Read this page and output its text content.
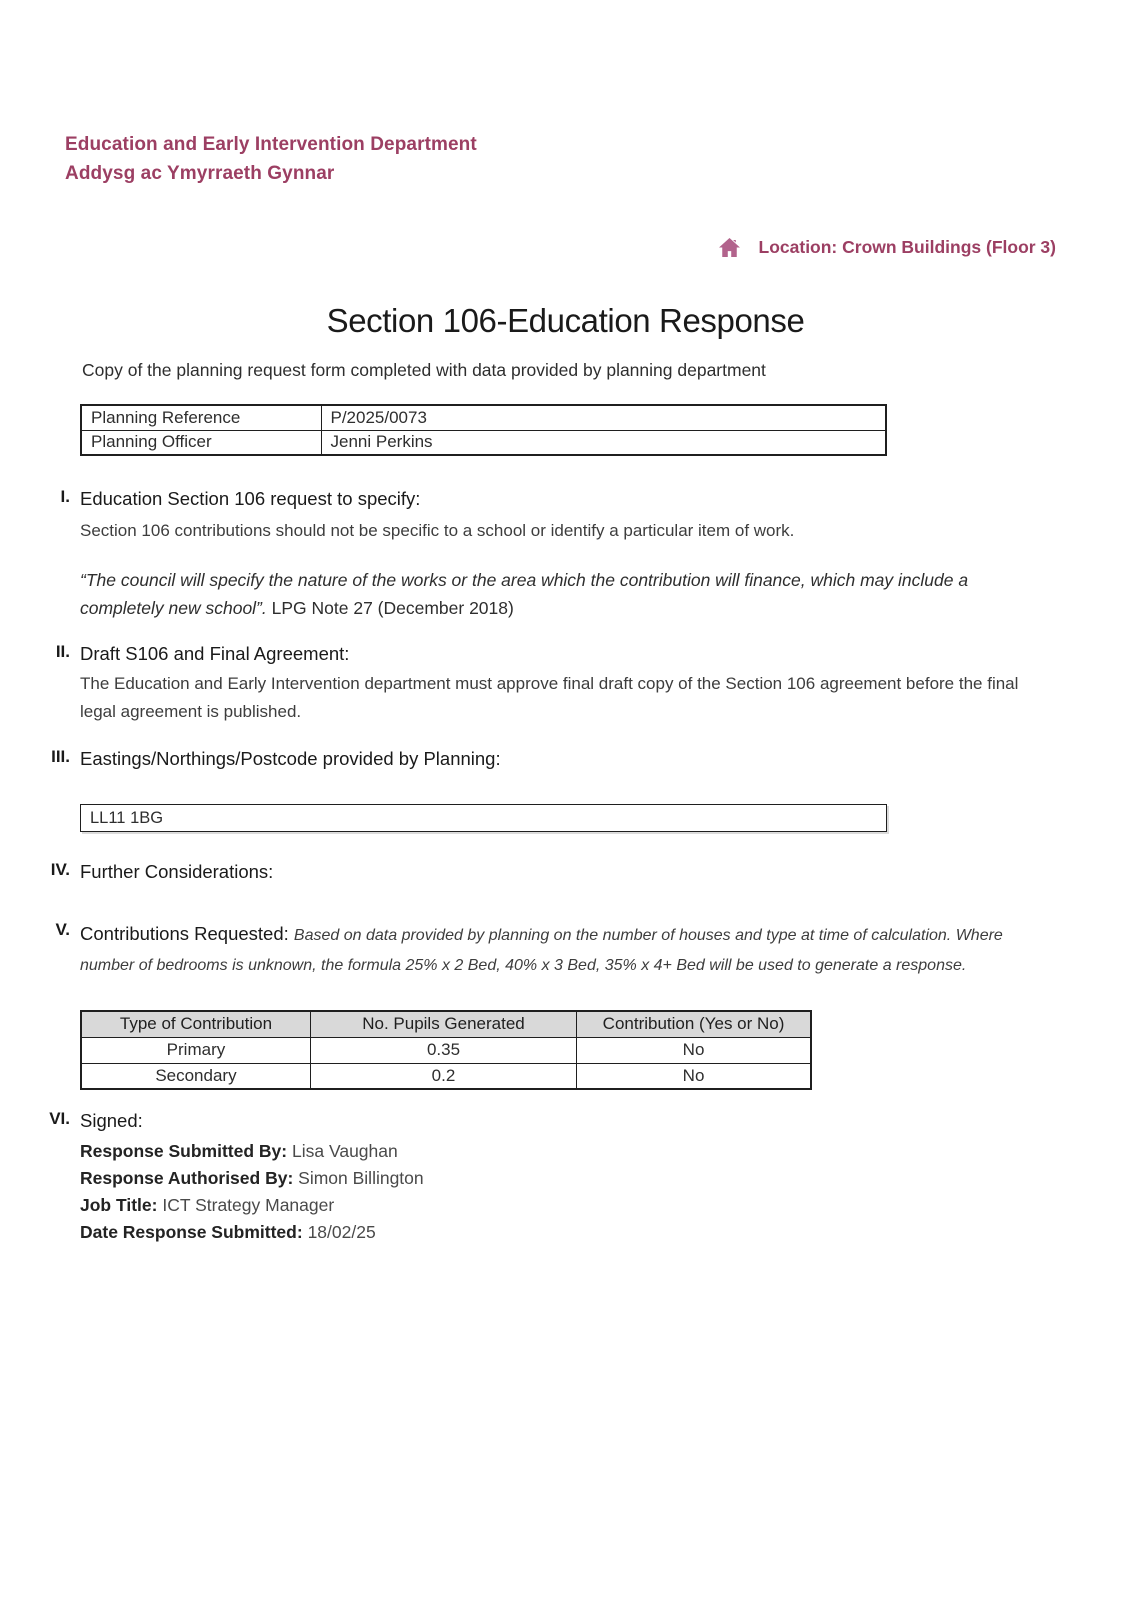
Education and Early Intervention Department
Addysg ac Ymyrraeth Gynnar
Location: Crown Buildings (Floor 3)
Section 106-Education Response
Copy of the planning request form completed with data provided by planning department
Planning Reference	P/2025/0073
Planning Officer	Jenni Perkins
I. Education Section 106 request to specify:
Section 106 contributions should not be specific to a school or identify a particular item of work.

“The council will specify the nature of the works or the area which the contribution will finance, which may include a completely new school”. LPG Note 27 (December 2018)

II. Draft S106 and Final Agreement:
The Education and Early Intervention department must approve final draft copy of the Section 106 agreement before the final legal agreement is published.
III. Eastings/Northings/Postcode provided by Planning:
LL11 1BG
IV. Further Considerations:
V. Contributions Requested: Based on data provided by planning on the number of houses and type at time of calculation. Where number of bedrooms is unknown, the formula 25% x 2 Bed, 40% x 3 Bed, 35% x 4+ Bed will be used to generate a response.

Type of Contribution	No. Pupils Generated	Contribution (Yes or No)
Primary	0.35	No
Secondary	0.2	No
VI. Signed:
Response Submitted By: Lisa Vaughan
Response Authorised By: Simon Billington
Job Title: ICT Strategy Manager
Date Response Submitted: 18/02/25
